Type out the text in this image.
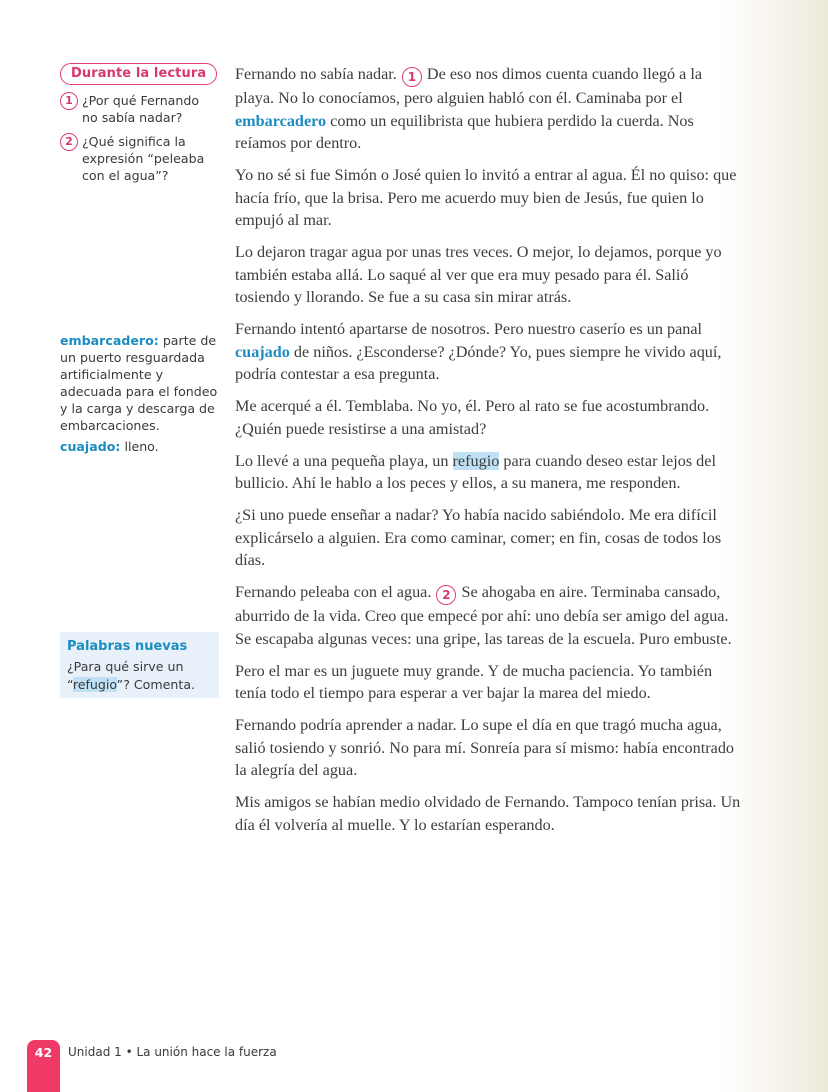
Durante la lectura
1 ¿Por qué Fernando no sabía nadar?
2 ¿Qué significa la expresión “peleaba con el agua”?

embarcadero: parte de un puerto resguardada artificialmente y adecuada para el fondeo y la carga y descarga de embarcaciones.

cuajado: lleno.

Palabras nuevas
¿Para qué sirve un “refugio”? Comenta.

Fernando no sabía nadar. 1 De eso nos dimos cuenta cuando llegó a la playa. No lo conocíamos, pero alguien habló con él. Caminaba por el embarcadero como un equilibrista que hubiera perdido la cuerda. Nos reíamos por dentro.

Yo no sé si fue Simón o José quien lo invitó a entrar al agua. Él no quiso: que hacía frío, que la brisa. Pero me acuerdo muy bien de Jesús, fue quien lo empujó al mar.

Lo dejaron tragar agua por unas tres veces. O mejor, lo dejamos, porque yo también estaba allá. Lo saqué al ver que era muy pesado para él. Salió tosiendo y llorando. Se fue a su casa sin mirar atrás.

Fernando intentó apartarse de nosotros. Pero nuestro caserío es un panal cuajado de niños. ¿Esconderse? ¿Dónde? Yo, pues siempre he vivido aquí, podría contestar a esa pregunta.

Me acerqué a él. Temblaba. No yo, él. Pero al rato se fue acostumbrando. ¿Quién puede resistirse a una amistad?

Lo llevé a una pequeña playa, un refugio para cuando deseo estar lejos del bullicio. Ahí le hablo a los peces y ellos, a su manera, me responden.

¿Si uno puede enseñar a nadar? Yo había nacido sabiéndolo. Me era difícil explicárselo a alguien. Era como caminar, comer; en fin, cosas de todos los días.

Fernando peleaba con el agua. 2 Se ahogaba en aire. Terminaba cansado, aburrido de la vida. Creo que empecé por ahí: uno debía ser amigo del agua. Se escapaba algunas veces: una gripe, las tareas de la escuela. Puro embuste.

Pero el mar es un juguete muy grande. Y de mucha paciencia. Yo también tenía todo el tiempo para esperar a ver bajar la marea del miedo.

Fernando podría aprender a nadar. Lo supe el día en que tragó mucha agua, salió tosiendo y sonrió. No para mí. Sonreía para sí mismo: había encontrado la alegría del agua.

Mis amigos se habían medio olvidado de Fernando. Tampoco tenían prisa. Un día él volvería al muelle. Y lo estarían esperando.

42	Unidad 1 • La unión hace la fuerza
